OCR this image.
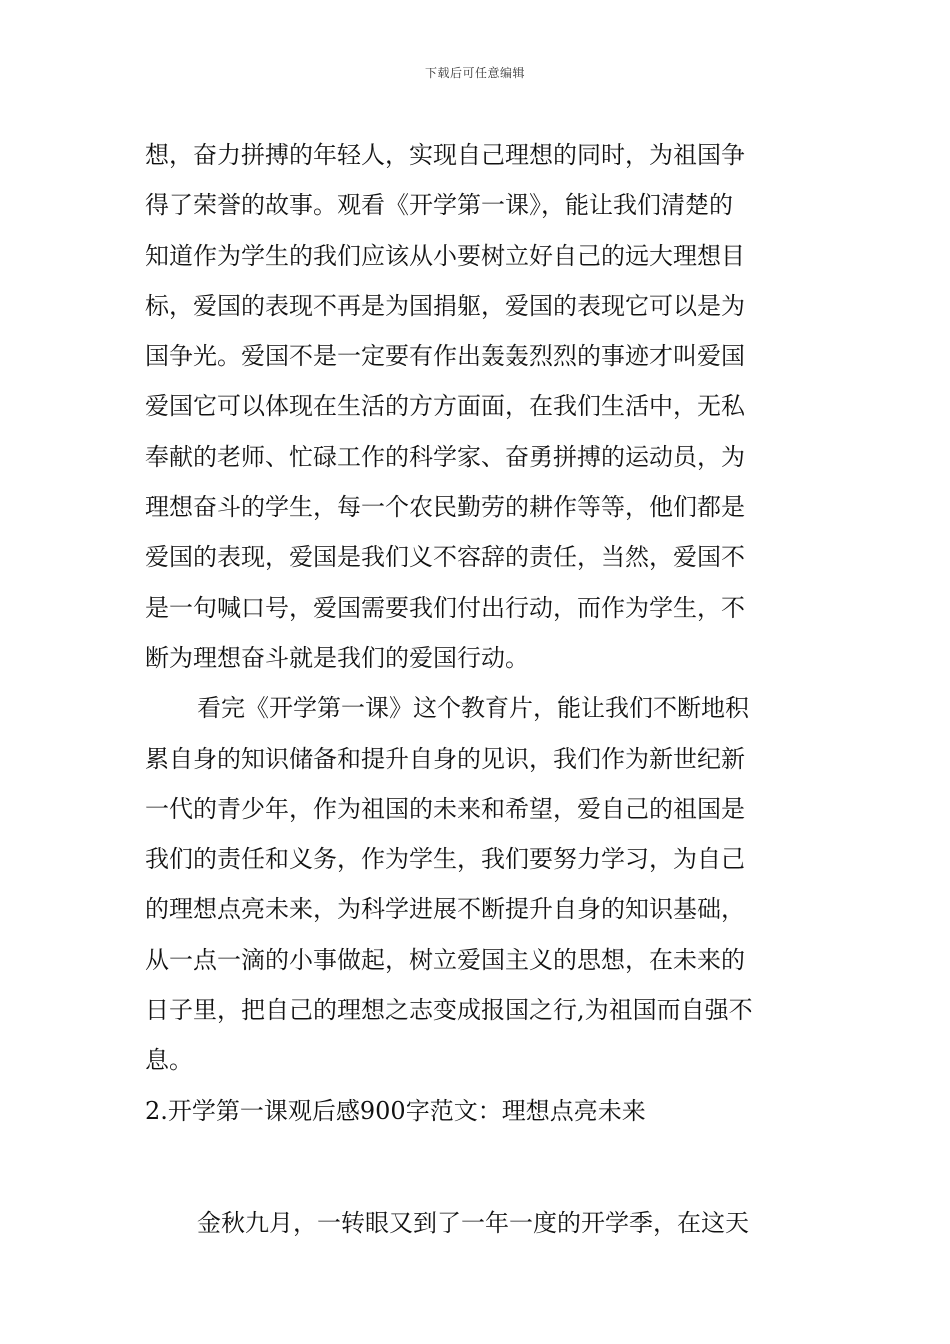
下载后可任意编辑
想，奋力拼搏的年轻人，实现自己理想的同时，为祖国争
得了荣誉的故事。观看《开学第一课》，能让我们清楚的
知道作为学生的我们应该从小要树立好自己的远大理想目
标，爱国的表现不再是为国捐躯，爱国的表现它可以是为
国争光。爱国不是一定要有作出轰轰烈烈的事迹才叫爱国
爱国它可以体现在生活的方方面面，在我们生活中，无私
奉献的老师、忙碌工作的科学家、奋勇拼搏的运动员，为
理想奋斗的学生，每一个农民勤劳的耕作等等，他们都是
爱国的表现，爱国是我们义不容辞的责任，当然，爱国不
是一句喊口号，爱国需要我们付出行动，而作为学生，不
断为理想奋斗就是我们的爱国行动。
看完《开学第一课》这个教育片，能让我们不断地积
累自身的知识储备和提升自身的见识，我们作为新世纪新
一代的青少年，作为祖国的未来和希望，爱自己的祖国是
我们的责任和义务，作为学生，我们要努力学习，为自己
的理想点亮未来，为科学进展不断提升自身的知识基础，
从一点一滴的小事做起，树立爱国主义的思想，在未来的
日子里，把自己的理想之志变成报国之行,为祖国而自强不
息。
2.开学第一课观后感900字范文：理想点亮未来
金秋九月，一转眼又到了一年一度的开学季，在这天
